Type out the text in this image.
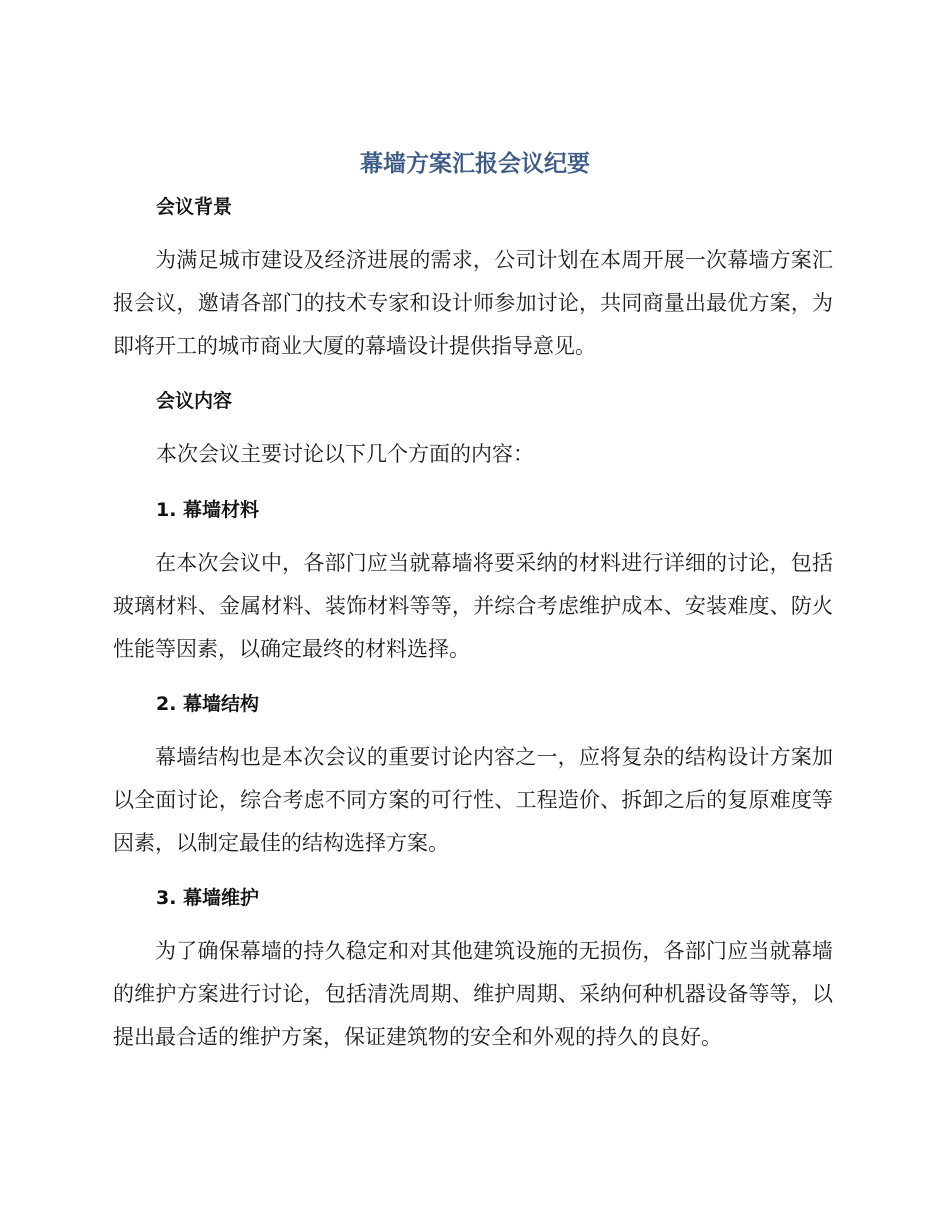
幕墙方案汇报会议纪要
会议背景

为满足城市建设及经济进展的需求，公司计划在本周开展一次幕墙方案汇报会议，邀请各部门的技术专家和设计师参加讨论，共同商量出最优方案，为即将开工的城市商业大厦的幕墙设计提供指导意见。

会议内容

本次会议主要讨论以下几个方面的内容：

1. 幕墙材料

在本次会议中，各部门应当就幕墙将要采纳的材料进行详细的讨论，包括玻璃材料、金属材料、装饰材料等等，并综合考虑维护成本、安装难度、防火性能等因素，以确定最终的材料选择。

2. 幕墙结构

幕墙结构也是本次会议的重要讨论内容之一，应将复杂的结构设计方案加以全面讨论，综合考虑不同方案的可行性、工程造价、拆卸之后的复原难度等因素，以制定最佳的结构选择方案。

3. 幕墙维护

为了确保幕墙的持久稳定和对其他建筑设施的无损伤，各部门应当就幕墙的维护方案进行讨论，包括清洗周期、维护周期、采纳何种机器设备等等，以提出最合适的维护方案，保证建筑物的安全和外观的持久的良好。
